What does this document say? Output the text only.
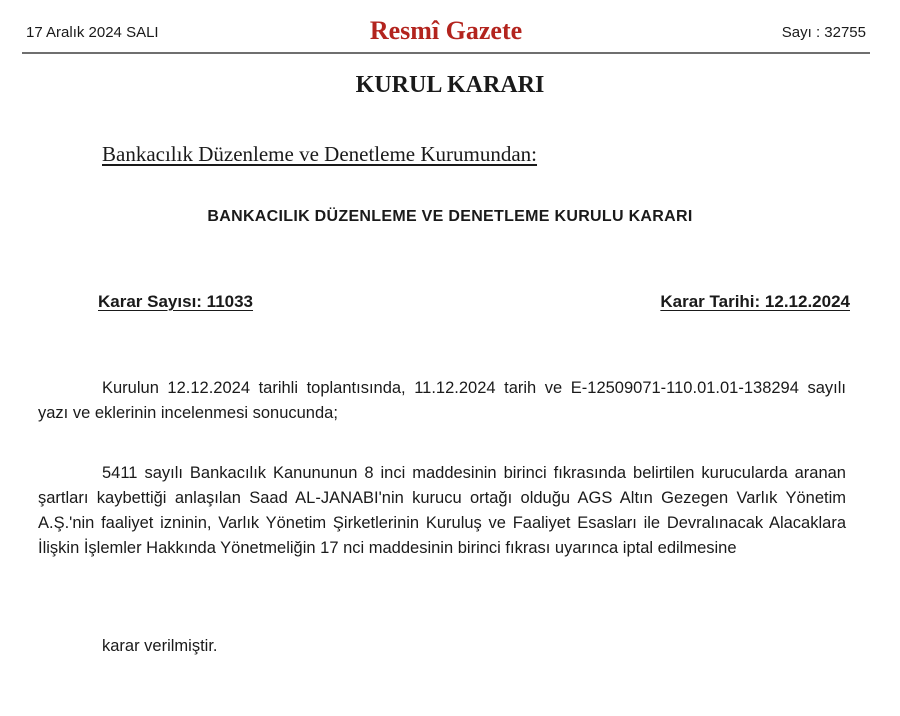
17 Aralık 2024 SALI	Resmî Gazete	Sayı : 32755
KURUL KARARI
Bankacılık Düzenleme ve Denetleme Kurumundan:
BANKACILIK DÜZENLEME VE DENETLEME KURULU KARARI
Karar Sayısı: 11033	Karar Tarihi: 12.12.2024

Kurulun 12.12.2024 tarihli toplantısında, 11.12.2024 tarih ve E-12509071-110.01.01-138294 sayılı yazı ve eklerinin incelenmesi sonucunda;

5411 sayılı Bankacılık Kanununun 8 inci maddesinin birinci fıkrasında belirtilen kurucularda aranan şartları kaybettiği anlaşılan Saad AL-JANABI'nin kurucu ortağı olduğu AGS Altın Gezegen Varlık Yönetim A.Ş.'nin faaliyet izninin, Varlık Yönetim Şirketlerinin Kuruluş ve Faaliyet Esasları ile Devralınacak Alacaklara İlişkin İşlemler Hakkında Yönetmeliğin 17 nci maddesinin birinci fıkrası uyarınca iptal edilmesine

karar verilmiştir.
